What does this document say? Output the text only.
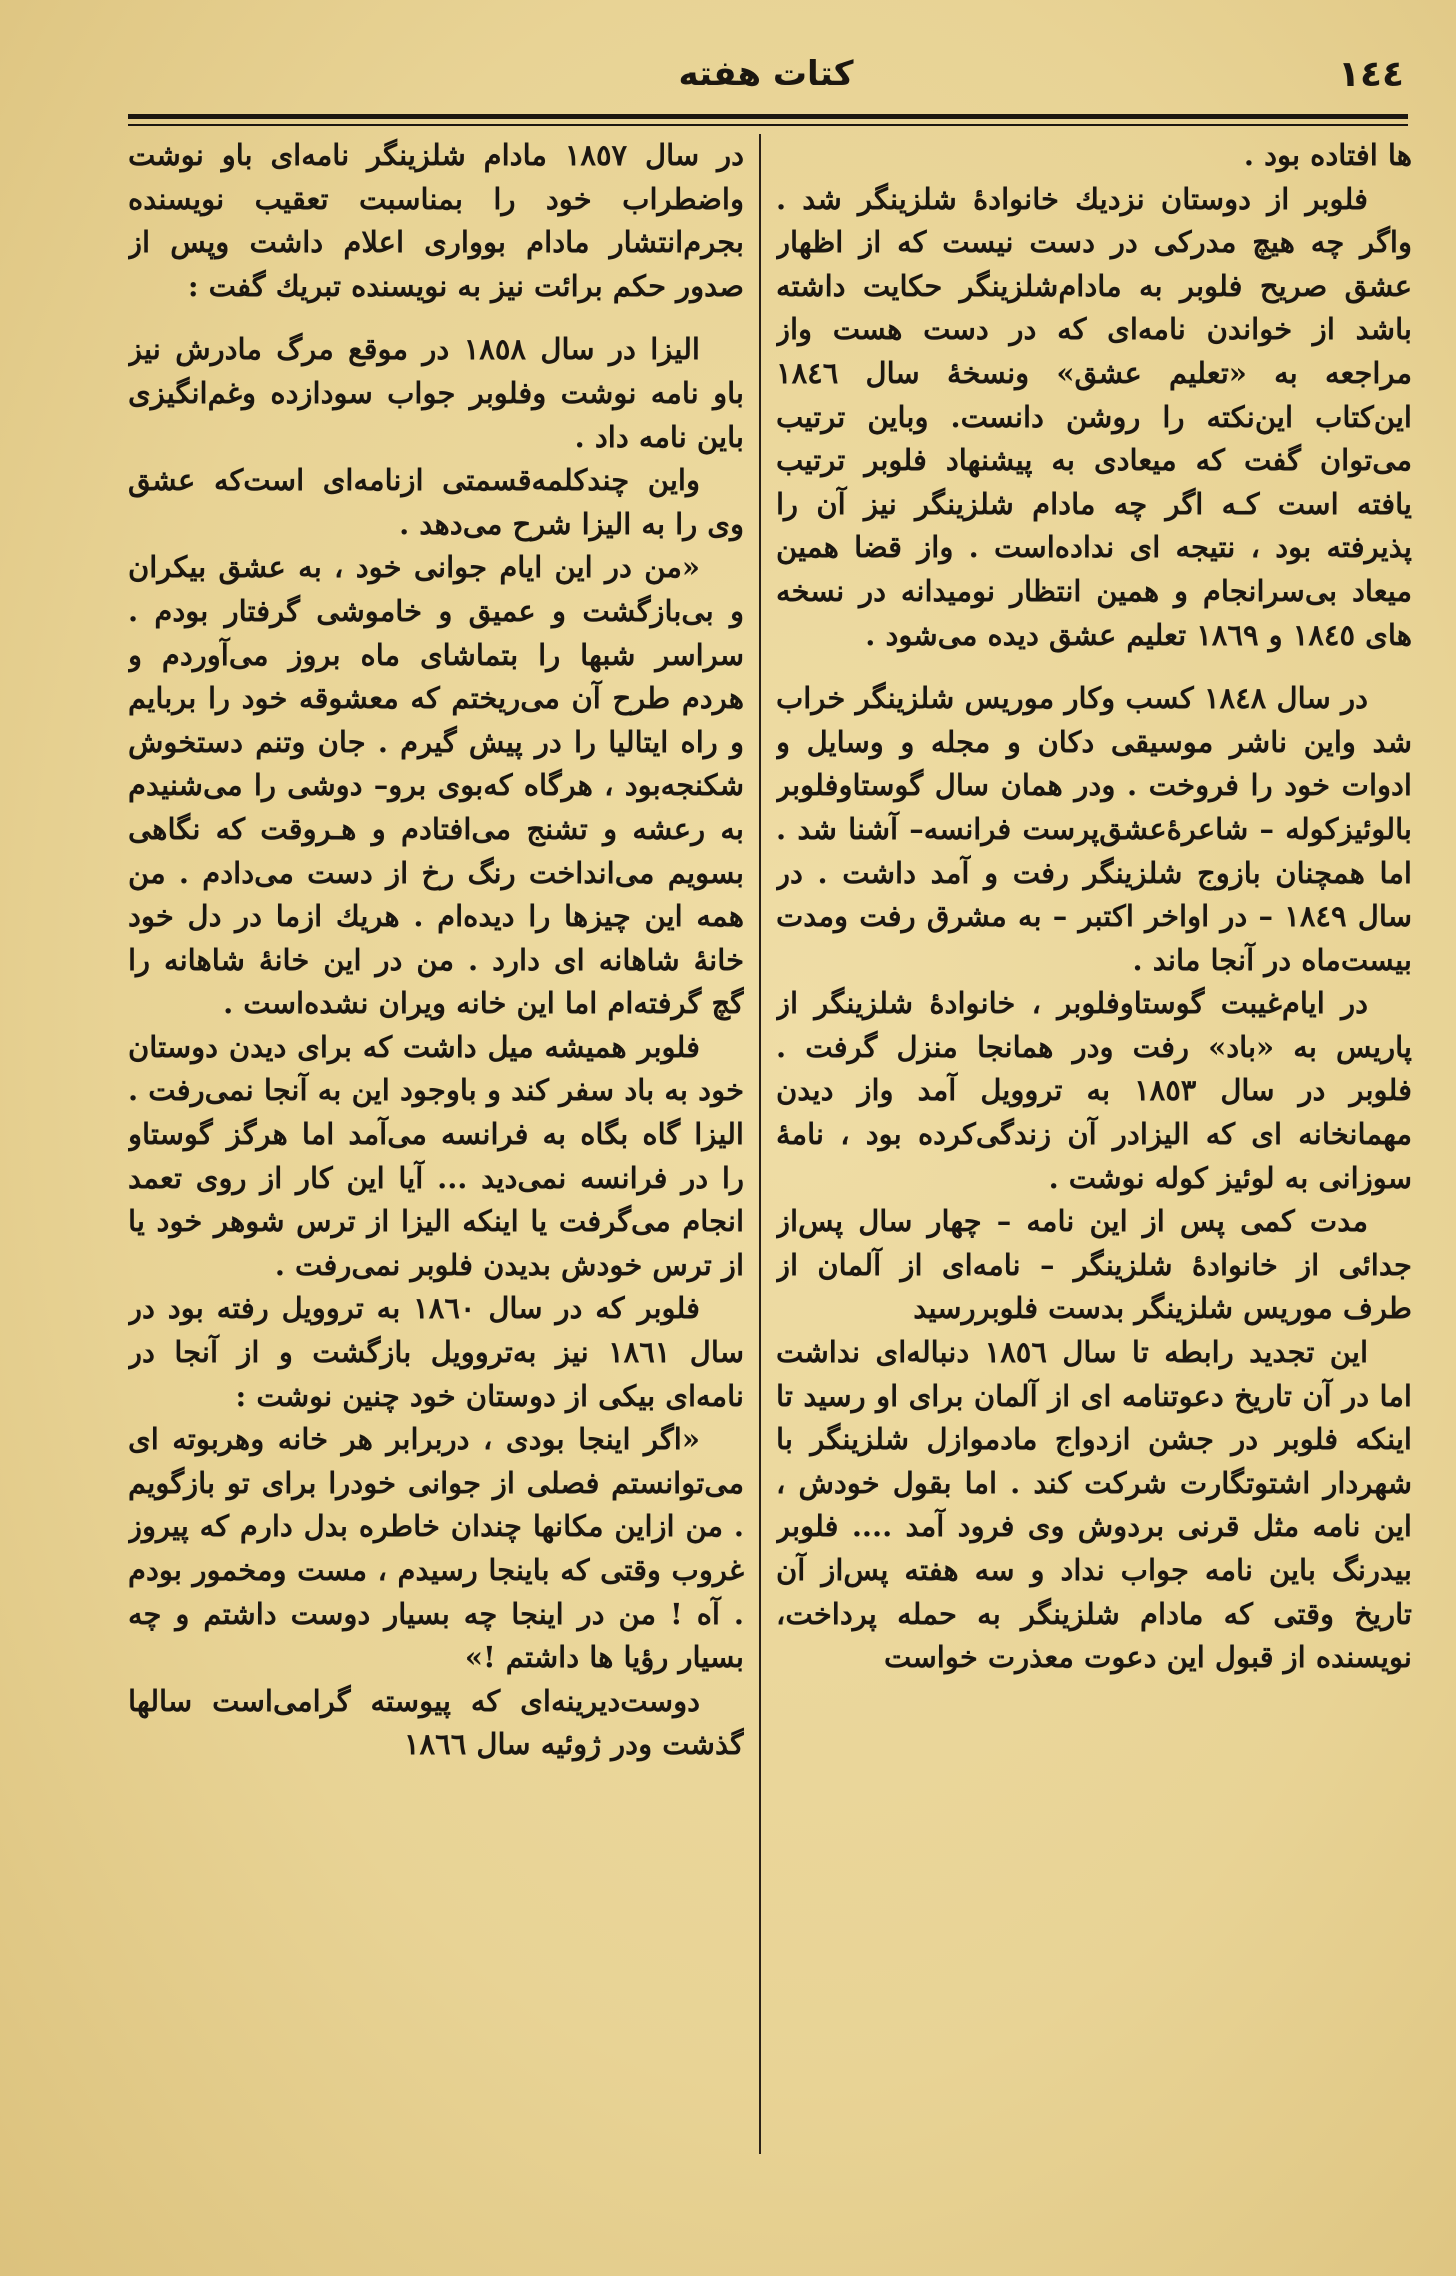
١٤٤
كتات هفته

ها افتاده بود .

فلوبر از دوستان نزدیك خانوادهٔ شلزینگر شد . واگر چه هیچ مدرکی در دست نیست که از اظهار عشق صریح فلوبر به مادام‌شلزینگر حکایت داشته باشد از خواندن نامه‌ای که در دست هست واز مراجعه به «تعلیم عشق» ونسخهٔ سال ١٨٤٦ این‌کتاب این‌نکته را روشن دانست. وباین ترتیب می‌توان گفت که میعادی به پیشنهاد فلوبر ترتیب یافته است کـه اگر چه مادام شلزینگر نیز آن را پذیرفته بود ، نتیجه ای نداده‌است . واز قضا همین میعاد بی‌سرانجام و همین انتظار نومیدانه در نسخه های ١٨٤٥ و ١٨٦٩ تعلیم عشق دیده می‌شود .

در سال ١٨٤٨ کسب وکار موریس شلزینگر خراب شد واین ناشر موسیقی دکان و مجله و وسایل و ادوات خود را فروخت . ودر همان سال گوستاوفلوبر بالوئیزکوله – شاعرهٔ‌عشق‌پرست فرانسه– آشنا شد . اما همچنان بازوج شلزینگر رفت و آمد داشت . در سال ١٨٤٩ – در اواخر اکتبر – به مشرق رفت ومدت بیست‌ماه در آنجا ماند .

در ایام‌غیبت گوستاوفلوبر ، خانوادهٔ شلزینگر از پاریس به «باد» رفت ودر همانجا منزل گرفت . فلوبر در سال ١٨٥٣ به تروویل آمد واز دیدن مهمانخانه ای که الیزادر آن زندگی‌کرده بود ، نامهٔ سوزانی به لوئیز کوله نوشت .

مدت کمی پس از این نامه – چهار سال پس‌از جدائی از خانوادهٔ شلزینگر – نامه‌ای از آلمان از طرف موریس شلزینگر بدست فلوبررسید

این تجدید رابطه تا سال ١٨٥٦ دنباله‌ای نداشت اما در آن تاریخ دعوتنامه ای از آلمان برای او رسید تا اینکه فلوبر در جشن ازدواج مادموازل شلزینگر با شهردار اشتوتگارت شرکت کند . اما بقول خودش ، این نامه مثل قرنی بردوش وی فرود آمد .... فلوبر بیدرنگ باین نامه جواب نداد و سه هفته پس‌از آن تاریخ وقتی که مادام شلزینگر به حمله پرداخت، نویسنده از قبول این دعوت معذرت خواست

در سال ١٨٥٧ مادام شلزینگر نامه‌ای باو نوشت واضطراب خود را بمناسبت تعقیب نویسنده بجرم‌انتشار مادام بوواری اعلام داشت وپس از صدور حکم برائت نیز به نویسنده تبریك گفت :

الیزا در سال ١٨٥٨ در موقع مرگ مادرش نیز باو نامه نوشت وفلوبر جواب سودازده وغم‌انگیزی باین نامه داد .

واین چندکلمه‌قسمتی ازنامه‌ای است‌که عشق وی را به الیزا شرح می‌دهد .

«من در این ایام جوانی خود ، به عشق بیکران و بی‌بازگشت و عمیق و خاموشی گرفتار بودم . سراسر شبها را بتماشای ماه بروز می‌آوردم و هردم طرح آن می‌ریختم که معشوقه خود را بربایم و راه ایتالیا را در پیش گیرم . جان وتنم دستخوش شکنجه‌بود ، هرگاه که‌بوی برو– دوشی را می‌شنیدم به رعشه و تشنج می‌افتادم و هـروقت که نگاهی بسویم می‌انداخت رنگ رخ از دست می‌دادم . من همه این چیزها را دیده‌ام . هریك ازما در دل خود خانهٔ شاهانه ای دارد . من در این خانهٔ شاهانه را گچ گرفته‌ام اما این خانه ویران نشده‌است .

فلوبر همیشه میل داشت که برای دیدن دوستان خود به باد سفر کند و باوجود این به آنجا نمی‌رفت . الیزا گاه بگاه به فرانسه می‌آمد اما هرگز گوستاو را در فرانسه نمی‌دید ... آیا این کار از روی تعمد انجام می‌گرفت یا اینکه الیزا از ترس شوهر خود یا از ترس خودش بدیدن فلوبر نمی‌رفت .

فلوبر که در سال ١٨٦٠ به تروویل رفته بود در سال ١٨٦١ نیز به‌تروویل بازگشت و از آنجا در نامه‌ای بیکی از دوستان خود چنین نوشت :

«اگر اینجا بودی ، دربرابر هر خانه وهربوته ای می‌توانستم فصلی از جوانی خودرا برای تو بازگویم . من ازاین مکانها چندان خاطره بدل دارم که پیروز غروب وقتی که باینجا رسیدم ، مست ومخمور بودم . آه ! من در اینجا چه بسیار دوست داشتم و چه بسیار رؤیا ها داشتم !»

دوست‌دیرینه‌ای که پیوسته گرامی‌است سالها گذشت ودر ژوئیه سال ١٨٦٦
